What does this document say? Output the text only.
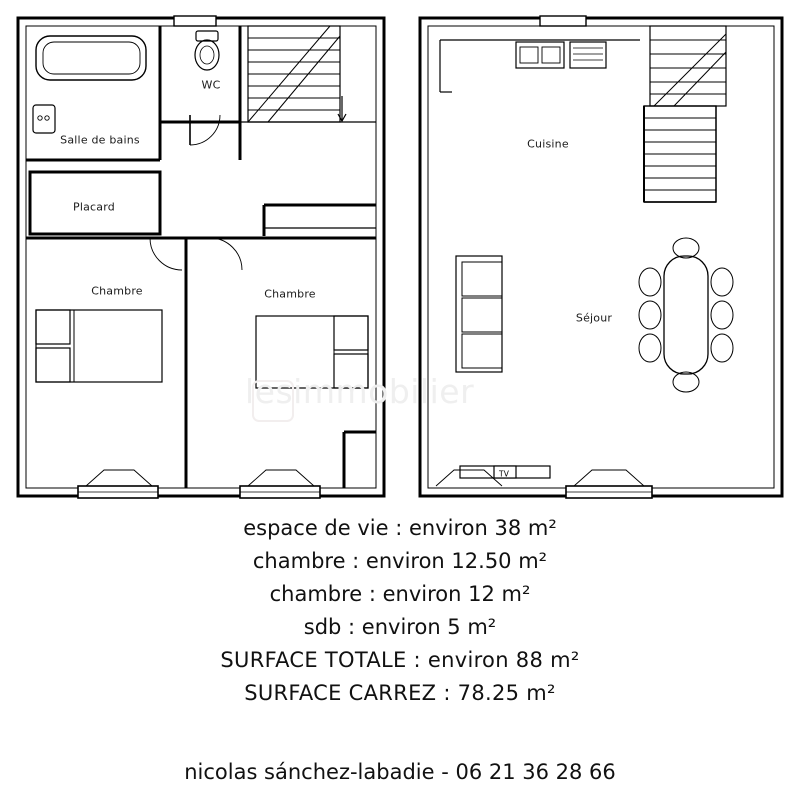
lesimmobilier
Salle de bains
WC
Placard
Chambre	Chambre
Cuisine
Séjour
TV
espace de vie : environ 38 m²
chambre : environ 12.50 m²
chambre : environ 12 m²
sdb : environ 5 m²
SURFACE TOTALE : environ 88 m²
SURFACE CARREZ : 78.25 m²
nicolas sánchez-labadie - 06 21 36 28 66
